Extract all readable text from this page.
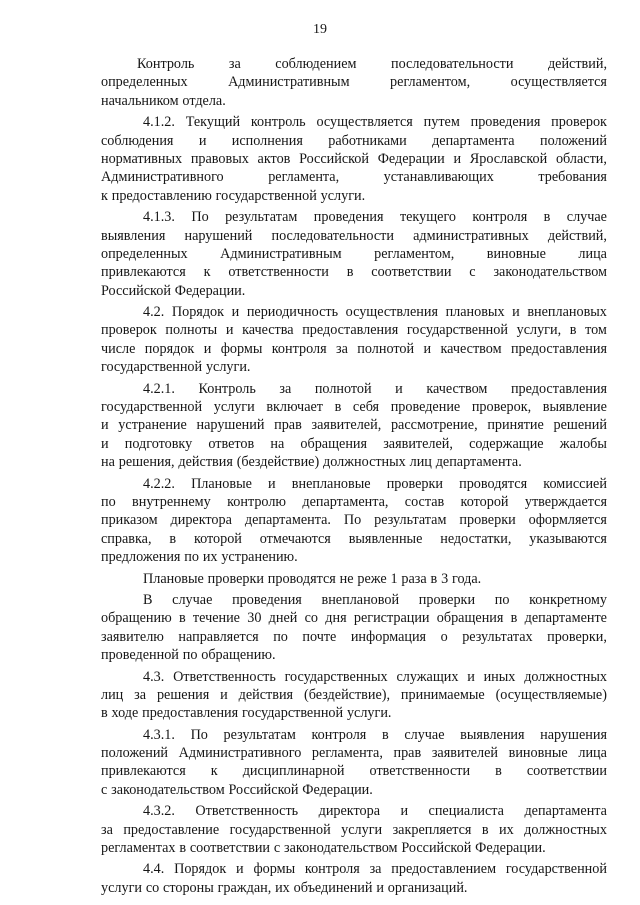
19
Контроль за соблюдением последовательности действий,
определенных	Административным	регламентом,	осуществляется
начальником отдела.
4.1.2. Текущий контроль осуществляется путем проведения проверок
соблюдения и исполнения работниками департамента положений
нормативных правовых актов Российской Федерации и Ярославской области,
Административного	регламента,	устанавливающих	требования
к предоставлению государственной услуги.
4.1.3. По результатам проведения текущего контроля в случае
выявления нарушений последовательности административных действий,
определенных Административным регламентом, виновные лица
привлекаются к ответственности в соответствии с законодательством
Российской Федерации.
4.2. Порядок и периодичность осуществления плановых и внеплановых
проверок полноты и качества предоставления государственной услуги, в том
числе порядок и формы контроля за полнотой и качеством предоставления
государственной услуги.
4.2.1. Контроль за полнотой и качеством предоставления
государственной услуги включает в себя проведение проверок, выявление
и устранение нарушений прав заявителей, рассмотрение, принятие решений
и подготовку ответов на обращения заявителей, содержащие жалобы
на решения, действия (бездействие) должностных лиц департамента.
4.2.2. Плановые и внеплановые проверки проводятся комиссией
по внутреннему контролю департамента, состав которой утверждается
приказом директора департамента. По результатам проверки оформляется
справка, в которой отмечаются выявленные недостатки, указываются
предложения по их устранению.
Плановые проверки проводятся не реже 1 раза в 3 года.
В случае проведения внеплановой проверки по конкретному
обращению в течение 30 дней со дня регистрации обращения в департаменте
заявителю направляется по почте информация о результатах проверки,
проведенной по обращению.
4.3. Ответственность государственных служащих и иных должностных
лиц за решения и действия (бездействие), принимаемые (осуществляемые)
в ходе предоставления государственной услуги.
4.3.1. По результатам контроля в случае выявления нарушения
положений Административного регламента, прав заявителей виновные лица
привлекаются к дисциплинарной ответственности в соответствии
с законодательством Российской Федерации.
4.3.2. Ответственность директора и специалиста департамента
за предоставление государственной услуги закрепляется в их должностных
регламентах в соответствии с законодательством Российской Федерации.
4.4. Порядок и формы контроля за предоставлением государственной
услуги со стороны граждан, их объединений и организаций.
